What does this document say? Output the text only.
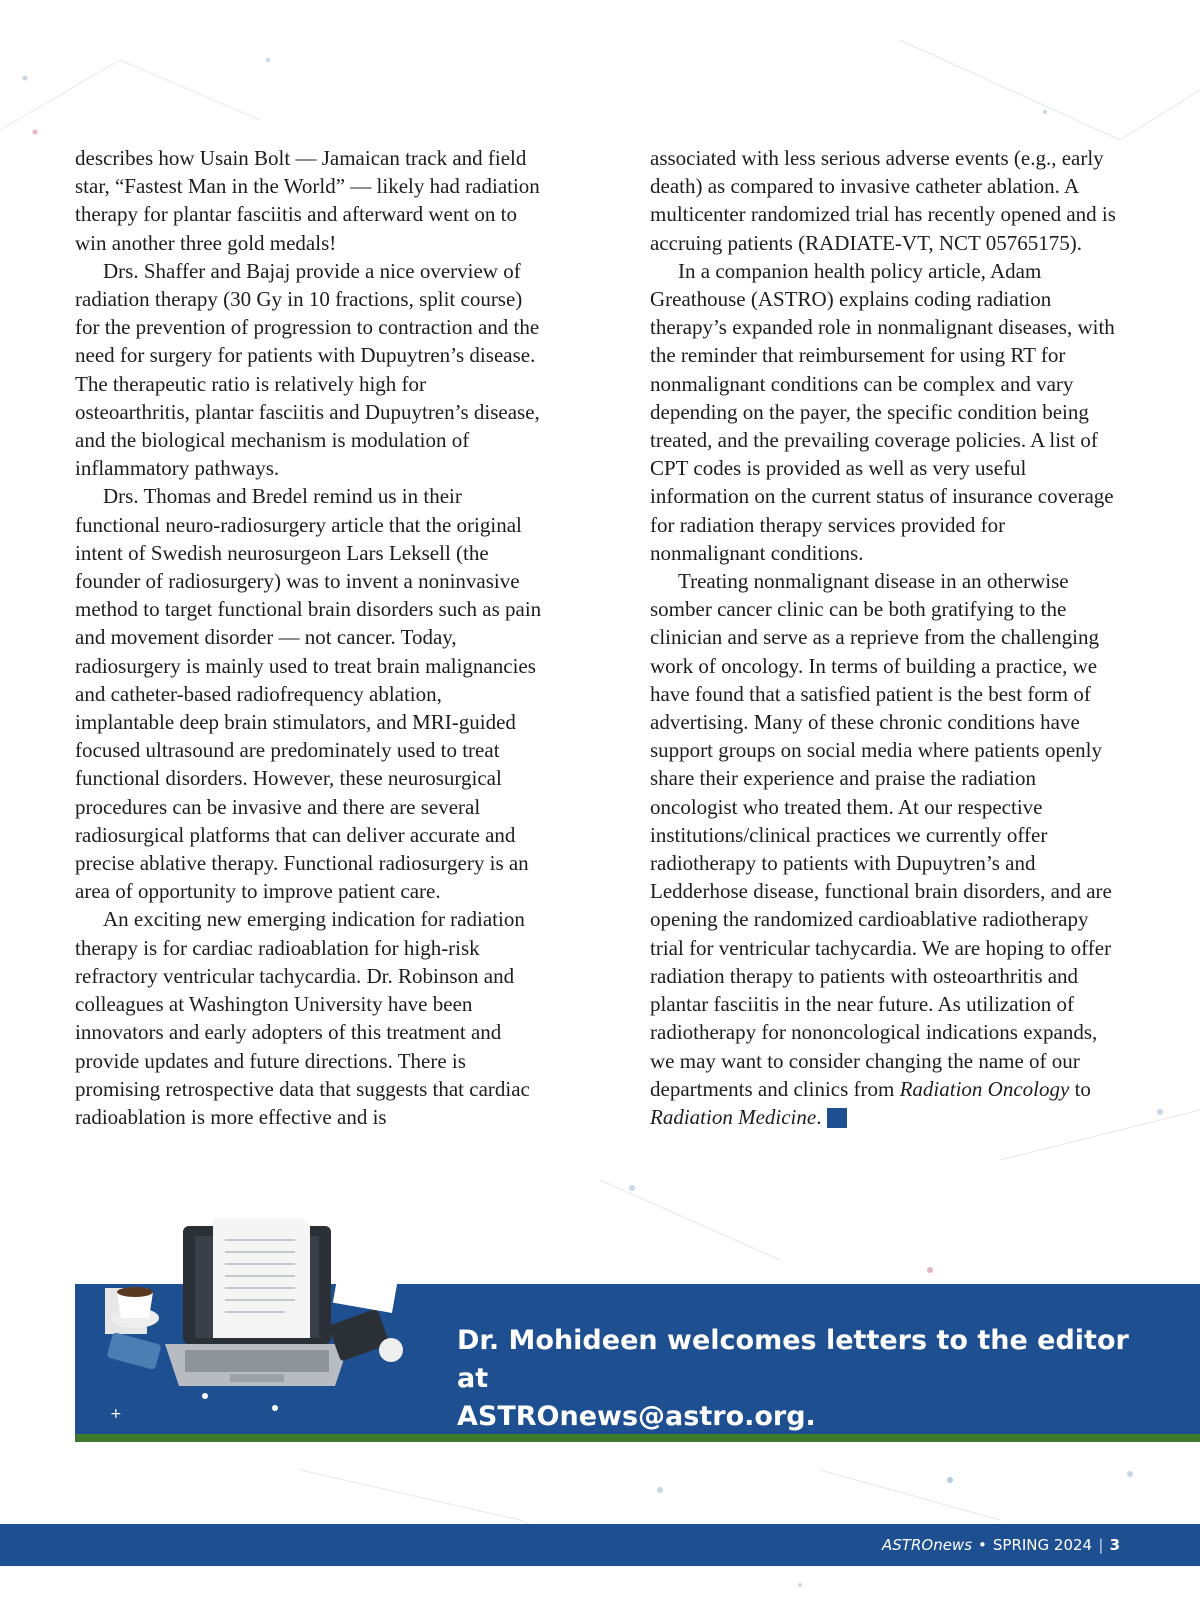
describes how Usain Bolt — Jamaican track and field star, “Fastest Man in the World” — likely had radiation therapy for plantar fasciitis and afterward went on to win another three gold medals!

Drs. Shaffer and Bajaj provide a nice overview of radiation therapy (30 Gy in 10 fractions, split course) for the prevention of progression to contraction and the need for surgery for patients with Dupuytren’s disease. The therapeutic ratio is relatively high for osteoarthritis, plantar fasciitis and Dupuytren’s disease, and the biological mechanism is modulation of inflammatory pathways.

Drs. Thomas and Bredel remind us in their functional neuro-radiosurgery article that the original intent of Swedish neurosurgeon Lars Leksell (the founder of radiosurgery) was to invent a noninvasive method to target functional brain disorders such as pain and movement disorder — not cancer. Today, radiosurgery is mainly used to treat brain malignancies and catheter-based radiofrequency ablation, implantable deep brain stimulators, and MRI-guided focused ultrasound are predominately used to treat functional disorders. However, these neurosurgical procedures can be invasive and there are several radiosurgical platforms that can deliver accurate and precise ablative therapy. Functional radiosurgery is an area of opportunity to improve patient care.

An exciting new emerging indication for radiation therapy is for cardiac radioablation for high-risk refractory ventricular tachycardia. Dr. Robinson and colleagues at Washington University have been innovators and early adopters of this treatment and provide updates and future directions. There is promising retrospective data that suggests that cardiac radioablation is more effective and is

associated with less serious adverse events (e.g., early death) as compared to invasive catheter ablation. A multicenter randomized trial has recently opened and is accruing patients (RADIATE-VT, NCT 05765175).

In a companion health policy article, Adam Greathouse (ASTRO) explains coding radiation therapy’s expanded role in nonmalignant diseases, with the reminder that reimbursement for using RT for nonmalignant conditions can be complex and vary depending on the payer, the specific condition being treated, and the prevailing coverage policies. A list of CPT codes is provided as well as very useful information on the current status of insurance coverage for radiation therapy services provided for nonmalignant conditions.

Treating nonmalignant disease in an otherwise somber cancer clinic can be both gratifying to the clinician and serve as a reprieve from the challenging work of oncology. In terms of building a practice, we have found that a satisfied patient is the best form of advertising. Many of these chronic conditions have support groups on social media where patients openly share their experience and praise the radiation oncologist who treated them. At our respective institutions/clinical practices we currently offer radiotherapy to patients with Dupuytren’s and Ledderhose disease, functional brain disorders, and are opening the randomized cardioablative radiotherapy trial for ventricular tachycardia. We are hoping to offer radiation therapy to patients with osteoarthritis and plantar fasciitis in the near future. As utilization of radiotherapy for nononcological indications expands, we may want to consider changing the name of our departments and clinics from Radiation Oncology to Radiation Medicine. A

+
Dr. Mohideen welcomes letters to the editor at
ASTROnews@astro.org.
ASTROnews • SPRING 2024 | 3
